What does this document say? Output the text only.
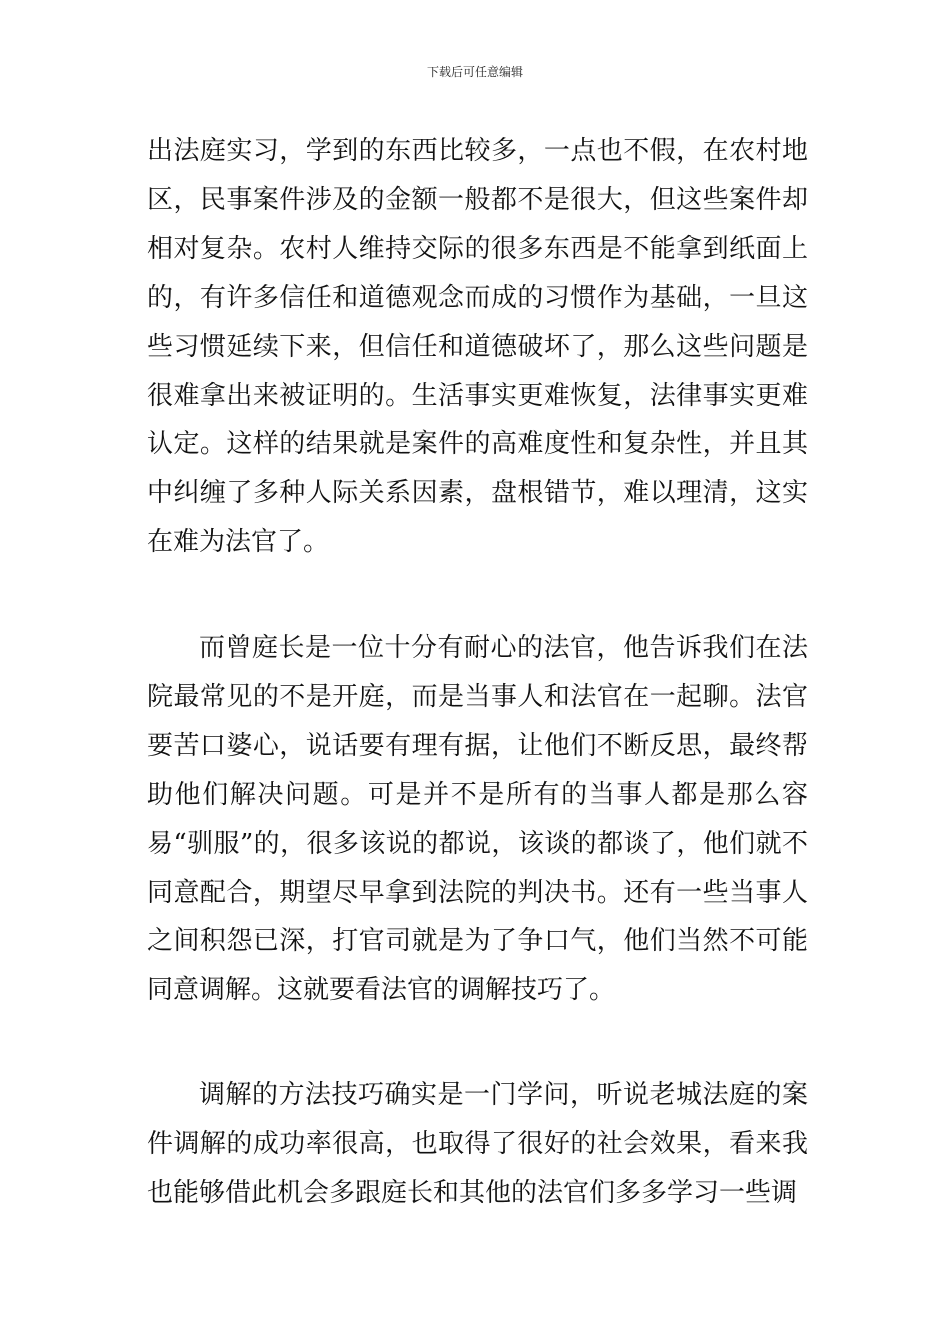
下载后可任意编辑

出法庭实习，学到的东西比较多，一点也不假，在农村地区，民事案件涉及的金额一般都不是很大，但这些案件却相对复杂。农村人维持交际的很多东西是不能拿到纸面上的，有许多信任和道德观念而成的习惯作为基础，一旦这些习惯延续下来，但信任和道德破坏了，那么这些问题是很难拿出来被证明的。生活事实更难恢复，法律事实更难认定。这样的结果就是案件的高难度性和复杂性，并且其中纠缠了多种人际关系因素，盘根错节，难以理清，这实在难为法官了。

而曾庭长是一位十分有耐心的法官，他告诉我们在法院最常见的不是开庭，而是当事人和法官在一起聊。法官要苦口婆心，说话要有理有据，让他们不断反思，最终帮助他们解决问题。可是并不是所有的当事人都是那么容易“驯服”的，很多该说的都说，该谈的都谈了，他们就不同意配合，期望尽早拿到法院的判决书。还有一些当事人之间积怨已深，打官司就是为了争口气，他们当然不可能同意调解。这就要看法官的调解技巧了。

调解的方法技巧确实是一门学问，听说老城法庭的案件调解的成功率很高，也取得了很好的社会效果，看来我也能够借此机会多跟庭长和其他的法官们多多学习一些调
